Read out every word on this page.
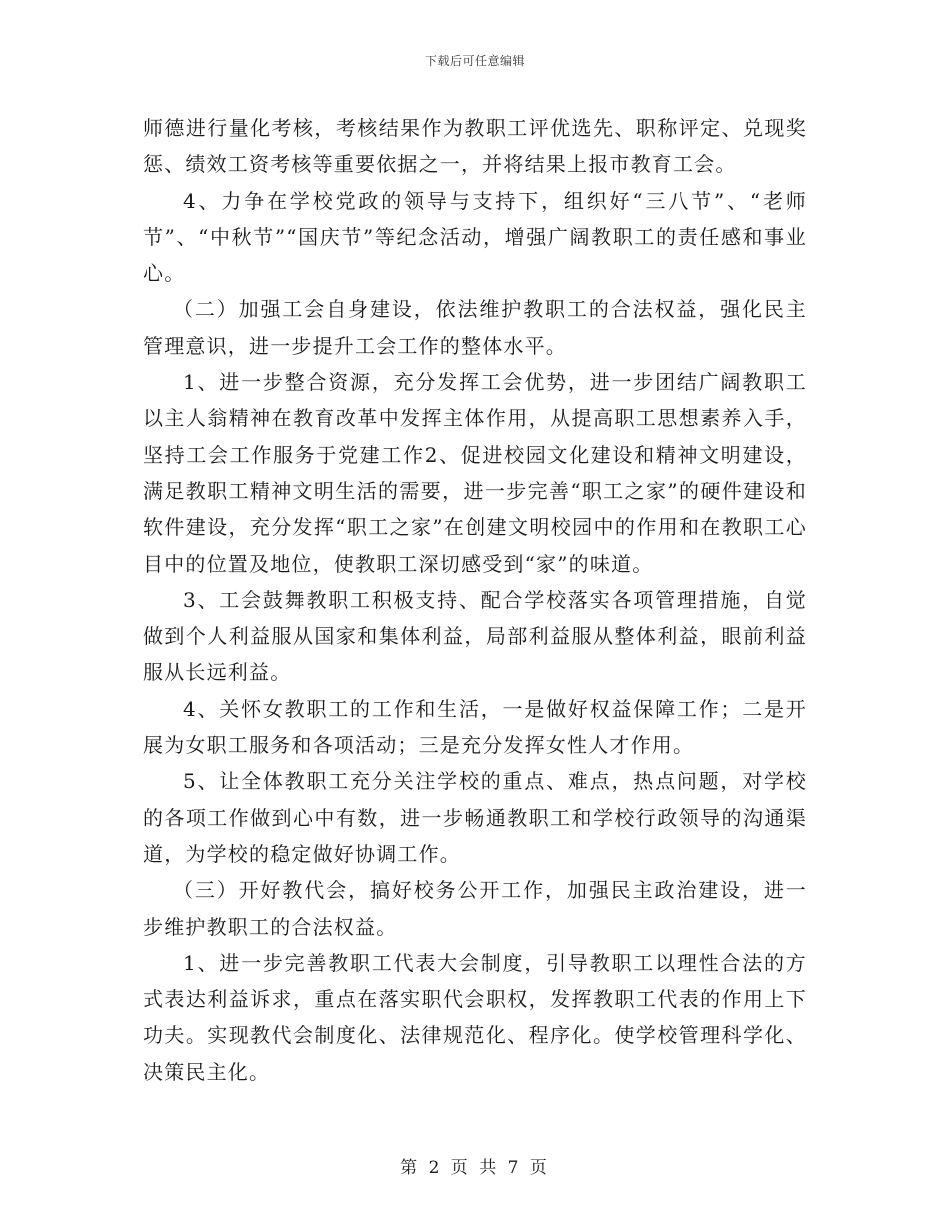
下载后可任意编辑

师德进行量化考核，考核结果作为教职工评优选先、职称评定、兑现奖惩、绩效工资考核等重要依据之一，并将结果上报市教育工会。

4、力争在学校党政的领导与支持下，组织好“三八节”、“老师节”、“中秋节”“国庆节”等纪念活动，增强广阔教职工的责任感和事业心。

（二）加强工会自身建设，依法维护教职工的合法权益，强化民主管理意识，进一步提升工会工作的整体水平。

1、进一步整合资源，充分发挥工会优势，进一步团结广阔教职工以主人翁精神在教育改革中发挥主体作用，从提高职工思想素养入手，坚持工会工作服务于党建工作2、促进校园文化建设和精神文明建设，满足教职工精神文明生活的需要，进一步完善“职工之家”的硬件建设和软件建设，充分发挥“职工之家”在创建文明校园中的作用和在教职工心目中的位置及地位，使教职工深切感受到“家”的味道。

3、工会鼓舞教职工积极支持、配合学校落实各项管理措施，自觉做到个人利益服从国家和集体利益，局部利益服从整体利益，眼前利益服从长远利益。

4、关怀女教职工的工作和生活，一是做好权益保障工作；二是开展为女职工服务和各项活动；三是充分发挥女性人才作用。

5、让全体教职工充分关注学校的重点、难点，热点问题，对学校的各项工作做到心中有数，进一步畅通教职工和学校行政领导的沟通渠道，为学校的稳定做好协调工作。

（三）开好教代会，搞好校务公开工作，加强民主政治建设，进一步维护教职工的合法权益。

1、进一步完善教职工代表大会制度，引导教职工以理性合法的方式表达利益诉求，重点在落实职代会职权，发挥教职工代表的作用上下功夫。实现教代会制度化、法律规范化、程序化。使学校管理科学化、决策民主化。

第 2 页 共 7 页
